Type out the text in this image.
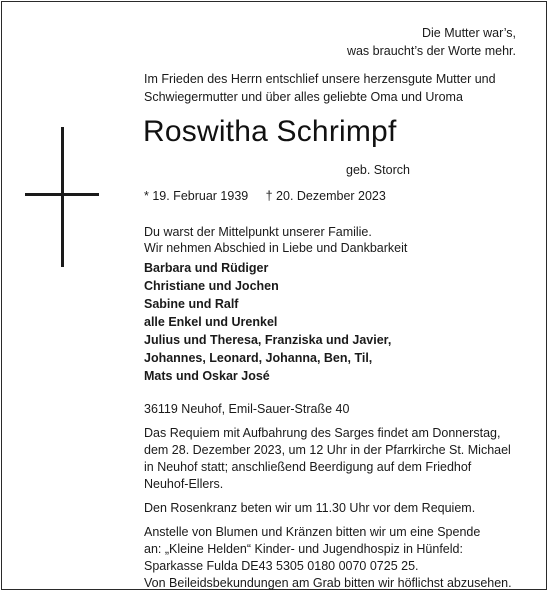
Die Mutter war’s,
was braucht’s der Worte mehr.
Im Frieden des Herrn entschlief unsere herzensgute Mutter und
Schwiegermutter und über alles geliebte Oma und Uroma
Roswitha Schrimpf
geb. Storch
* 19. Februar 1939 † 20. Dezember 2023
Du warst der Mittelpunkt unserer Familie.
Wir nehmen Abschied in Liebe und Dankbarkeit
Barbara und Rüdiger
Christiane und Jochen
Sabine und Ralf
alle Enkel und Urenkel
Julius und Theresa, Franziska und Javier,
Johannes, Leonard, Johanna, Ben, Til,
Mats und Oskar José

36119 Neuhof, Emil-Sauer-Straße 40

Das Requiem mit Aufbahrung des Sarges findet am Donnerstag,
dem 28. Dezember 2023, um 12 Uhr in der Pfarrkirche St. Michael
in Neuhof statt; anschließend Beerdigung auf dem Friedhof
Neuhof-Ellers.

Den Rosenkranz beten wir um 11.30 Uhr vor dem Requiem.

Anstelle von Blumen und Kränzen bitten wir um eine Spende
an: „Kleine Helden“ Kinder- und Jugendhospiz in Hünfeld:
Sparkasse Fulda DE43 5305 0180 0070 0725 25.

Von Beileidsbekundungen am Grab bitten wir höflichst abzusehen.
